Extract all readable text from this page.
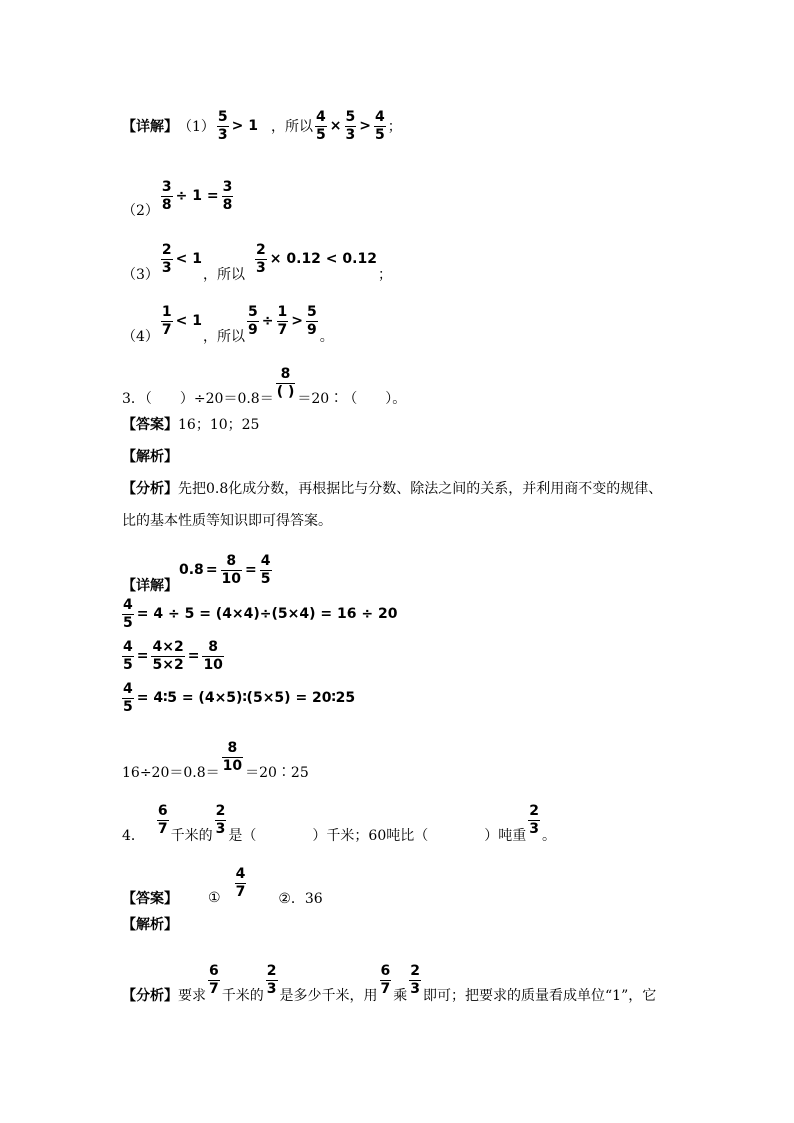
【详解】 $(1) \frac{5}{3} > 1$ ，所以 $\frac{4}{5} \times \frac{5}{3} > \frac{4}{5}$ ；
$(2) \frac{3}{8} \div 1 = \frac{3}{8}$
$(3) \frac{2}{3} < 1$
，所以 $\frac{2}{3} \times 0.12 < 0.12$
；
$(4) \frac{1}{7} < 1$
，所以 $\frac{5}{9} \div \frac{1}{7} > \frac{5}{9}$ 。
3．（　　）$\div 20=0.8= \frac{8}{( )}$ ＝20∶（　　）。
【答案】 16；10；25
【解析】
【分析】 先把0.8化成分数，再根据比与分数、除法之间的关系，并利用商不变的规律、
比的基本性质等知识即可得答案。
【详解】
$0.8 = \frac{8}{10} = \frac{4}{5}$
$\frac{4}{5} = 4 \div 5 = (4\times 4)\div(5\times 4) = 16 \div 20$
$\frac{4}{5} = \frac{4\times 2}{5\times 2} = \frac{8}{10}$
$\frac{4}{5}$ = 4∶5 = (4×5)∶(5×5) = 20∶25
$16\div 20=0.8= \frac{8}{10}$ ＝20∶25
4． $\frac{6}{7}$ 千米的 $\frac{2}{3}$ 是（　　　　）千米；60吨比（　　　　）吨重 $\frac{2}{3}$ 。
【答案】 ① $\frac{4}{7}$ ②．36
【解析】
【分析】 要求 $\frac{6}{7}$ 千米的 $\frac{2}{3}$ 是多少千米，用 $\frac{6}{7}$ 乘 $\frac{2}{3}$ 即可；把要求的质量看成单位“1”，它
